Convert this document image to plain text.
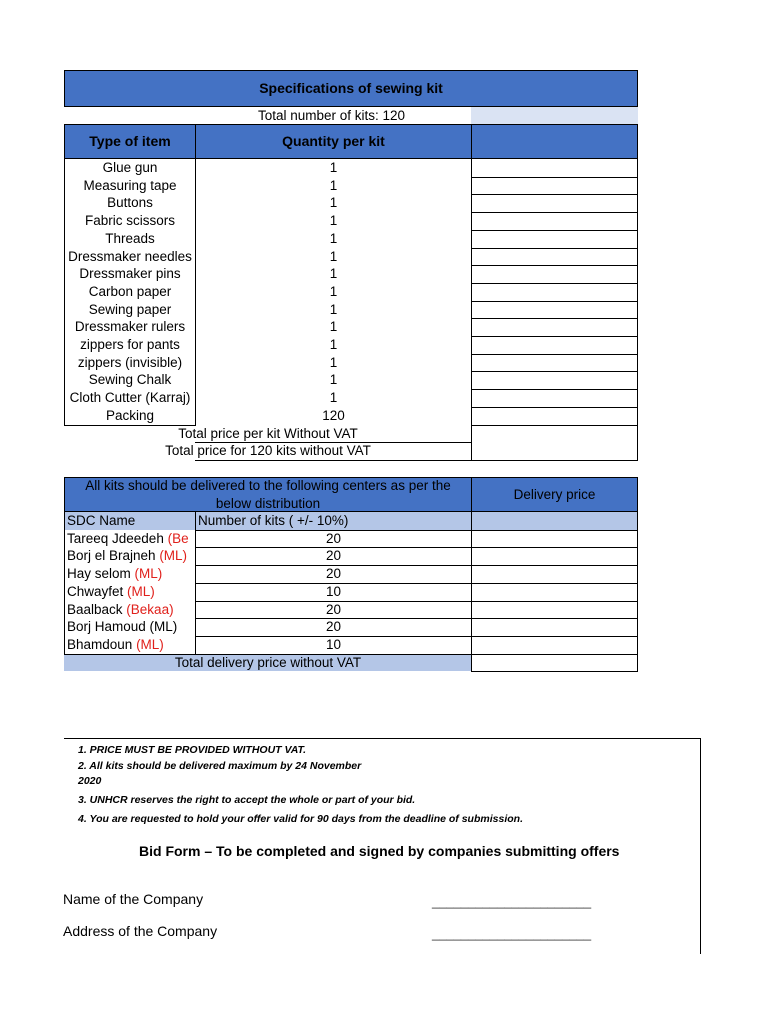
Specifications of sewing kit
Total number of kits: 120
Type of item	Quantity per kit
Glue gun	1
Measuring tape	1
Buttons	1
Fabric scissors	1
Threads	1
Dressmaker needles	1
Dressmaker pins	1
Carbon paper	1
Sewing paper	1
Dressmaker rulers	1
zippers for pants	1
zippers (invisible)	1
Sewing Chalk	1
Cloth Cutter (Karraj)	1
Packing	120
Total price per kit Without VAT
Total price for 120 kits without VAT
All kits should be delivered to the following centers as per the
below distribution
Delivery price
SDC Name	Number of kits ( +/- 10%)
Tareeq Jdeedeh (Be	20
Borj el Brajneh (ML)	20
Hay selom (ML)	20
Chwayfet (ML)	10
Baalback (Bekaa)	20
Borj Hamoud (ML)	20
Bhamdoun (ML)	10
Total delivery price without VAT
1. PRICE MUST BE PROVIDED WITHOUT VAT.
2. All kits should be delivered maximum by 24 November
2020
3. UNHCR reserves the right to accept the whole or part of your bid.
4. You are requested to hold your offer valid for 90 days from the deadline of submission.
Bid Form – To be completed and signed by companies submitting offers
Name of the Company	______________________
Address of the Company	______________________
